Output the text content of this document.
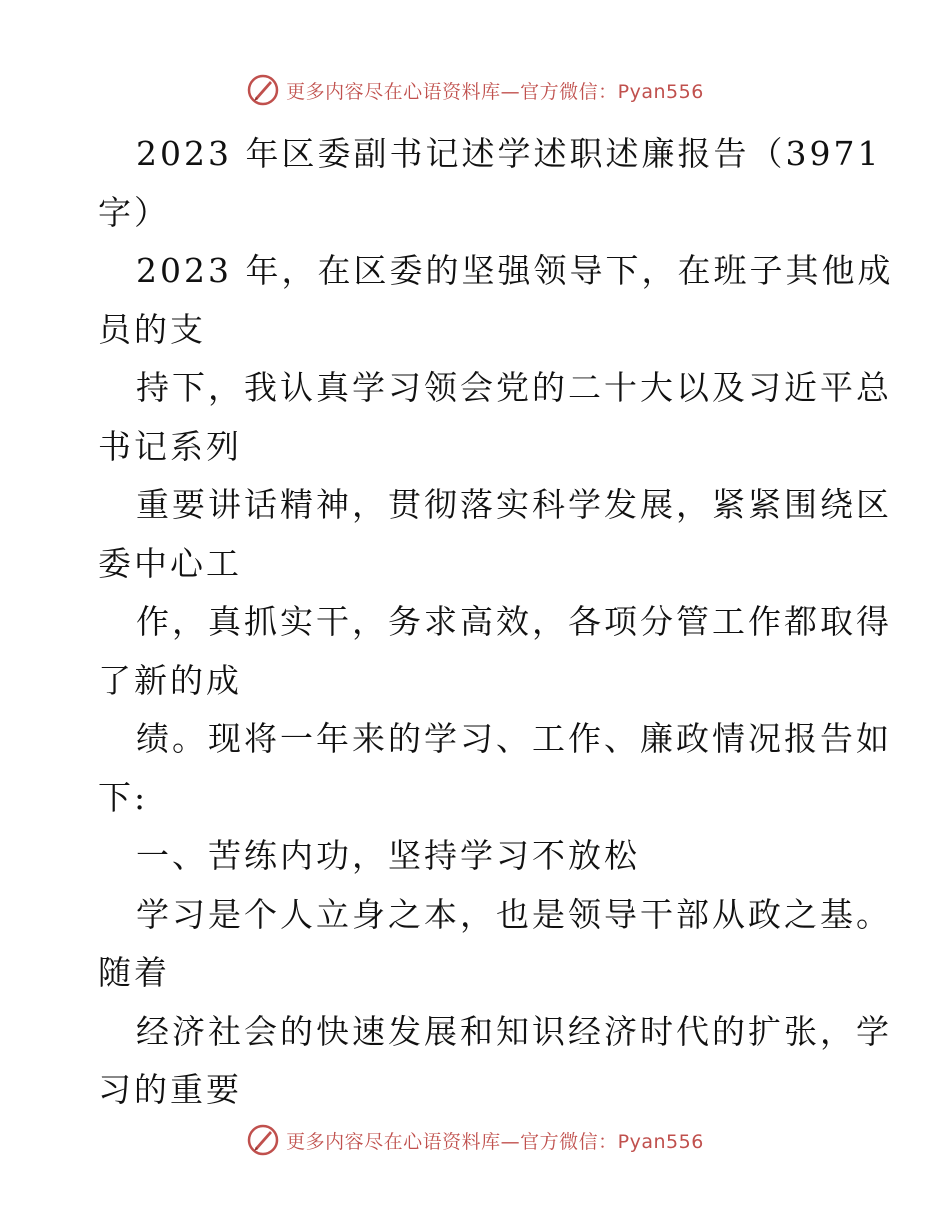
更多内容尽在心语资料库—官方微信：Pyan556

2023 年区委副书记述学述职述廉报告（3971
字）

2023 年，在区委的坚强领导下，在班子其他成
员的支

持下，我认真学习领会党的二十大以及习近平总
书记系列

重要讲话精神，贯彻落实科学发展，紧紧围绕区
委中心工

作，真抓实干，务求高效，各项分管工作都取得
了新的成

绩。现将一年来的学习、工作、廉政情况报告如
下:

一、苦练内功，坚持学习不放松

学习是个人立身之本，也是领导干部从政之基。
随着

经济社会的快速发展和知识经济时代的扩张，学
习的重要

更多内容尽在心语资料库—官方微信：Pyan556
